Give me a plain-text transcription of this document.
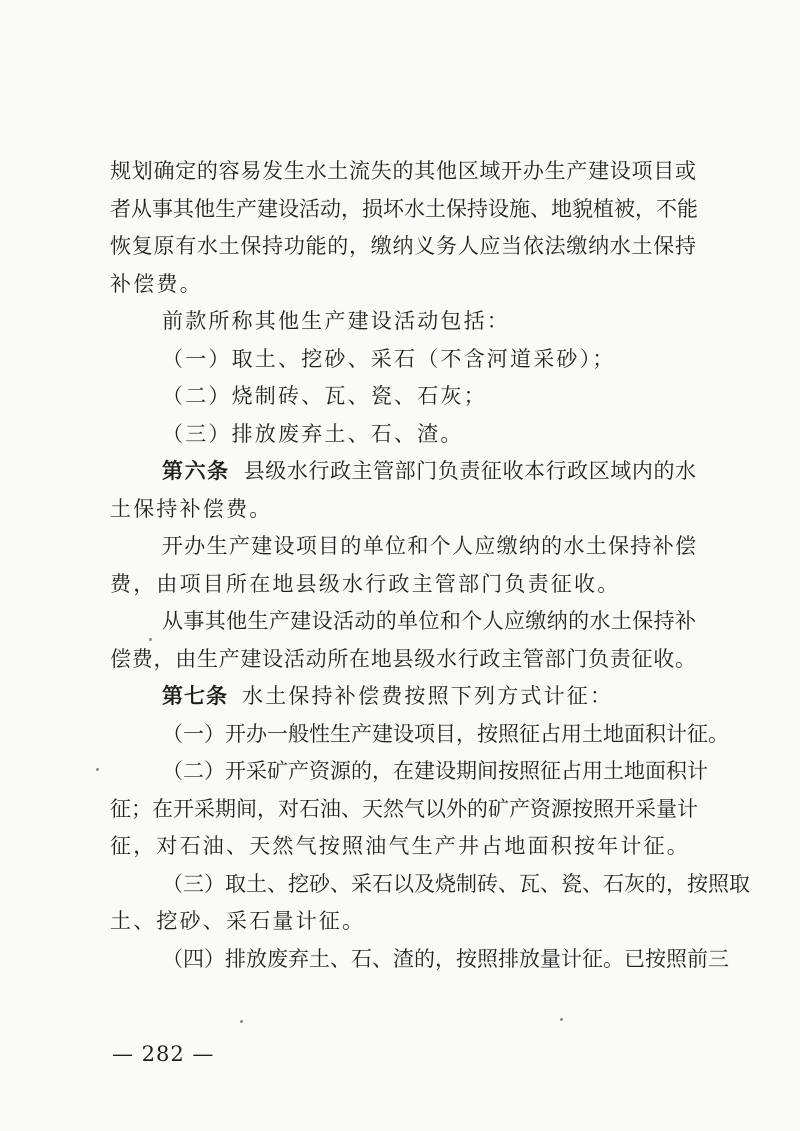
规划确定的容易发生水土流失的其他区域开办生产建设项目或
者从事其他生产建设活动，损坏水土保持设施、地貌植被，不能
恢复原有水土保持功能的，缴纳义务人应当依法缴纳水土保持
补偿费。
前款所称其他生产建设活动包括：
（一）取土、挖砂、采石（不含河道采砂）；
（二）烧制砖、瓦、瓷、石灰；
（三）排放废弃土、石、渣。
第六条 县级水行政主管部门负责征收本行政区域内的水
土保持补偿费。
开办生产建设项目的单位和个人应缴纳的水土保持补偿
费，由项目所在地县级水行政主管部门负责征收。
从事其他生产建设活动的单位和个人应缴纳的水土保持补
偿费，由生产建设活动所在地县级水行政主管部门负责征收。
第七条 水土保持补偿费按照下列方式计征：
（一）开办一般性生产建设项目，按照征占用土地面积计征。
（二）开采矿产资源的，在建设期间按照征占用土地面积计
征；在开采期间，对石油、天然气以外的矿产资源按照开采量计
征，对石油、天然气按照油气生产井占地面积按年计征。
（三）取土、挖砂、采石以及烧制砖、瓦、瓷、石灰的，按照取
土、挖砂、采石量计征。
（四）排放废弃土、石、渣的，按照排放量计征。已按照前三
— 282 —
